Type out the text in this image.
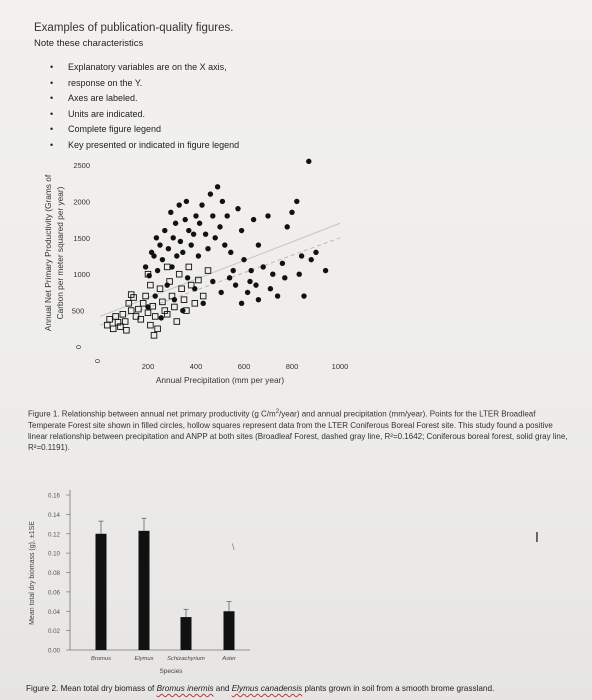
Examples of publication-quality figures.
Note these characteristics
• Explanatory variables are on the X axis,
• response on the Y.
• Axes are labeled.
• Units are indicated.
• Complete figure legend
• Key presented or indicated in figure legend
Annual Net Primary Productivity (Grams of Carbon per meter squared per year)
0
500
1000
1500
2000
2500
0
200	400	600	800	1000
Annual Precipitation (mm per year)
Figure 1. Relationship between annual net primary productivity (g $C/m^2/year$) and annual precipitation (mm/year). Points for the LTER Broadleaf Temperate Forest site shown in filled circles, hollow squares represent data from the LTER Coniferous Boreal Forest site. This study found a positive linear relationship between precipitation and ANPP at both sites (Broadleaf Forest, dashed gray line, R²=0.1642; Coniferous boreal forest, solid gray line, R²=0.1191).
Mean total dry biomass (g), ±1SE
0.00
0.02
0.04
0.06
0.08
0.10
0.12
0.14
0.16
Bromus	Elymus Schizachyrium	Aster
Species
\
I
Figure 2. Mean total dry biomass of Bromus inermis and Elymus canadensis plants grown in soil from a smooth brome grassland.
